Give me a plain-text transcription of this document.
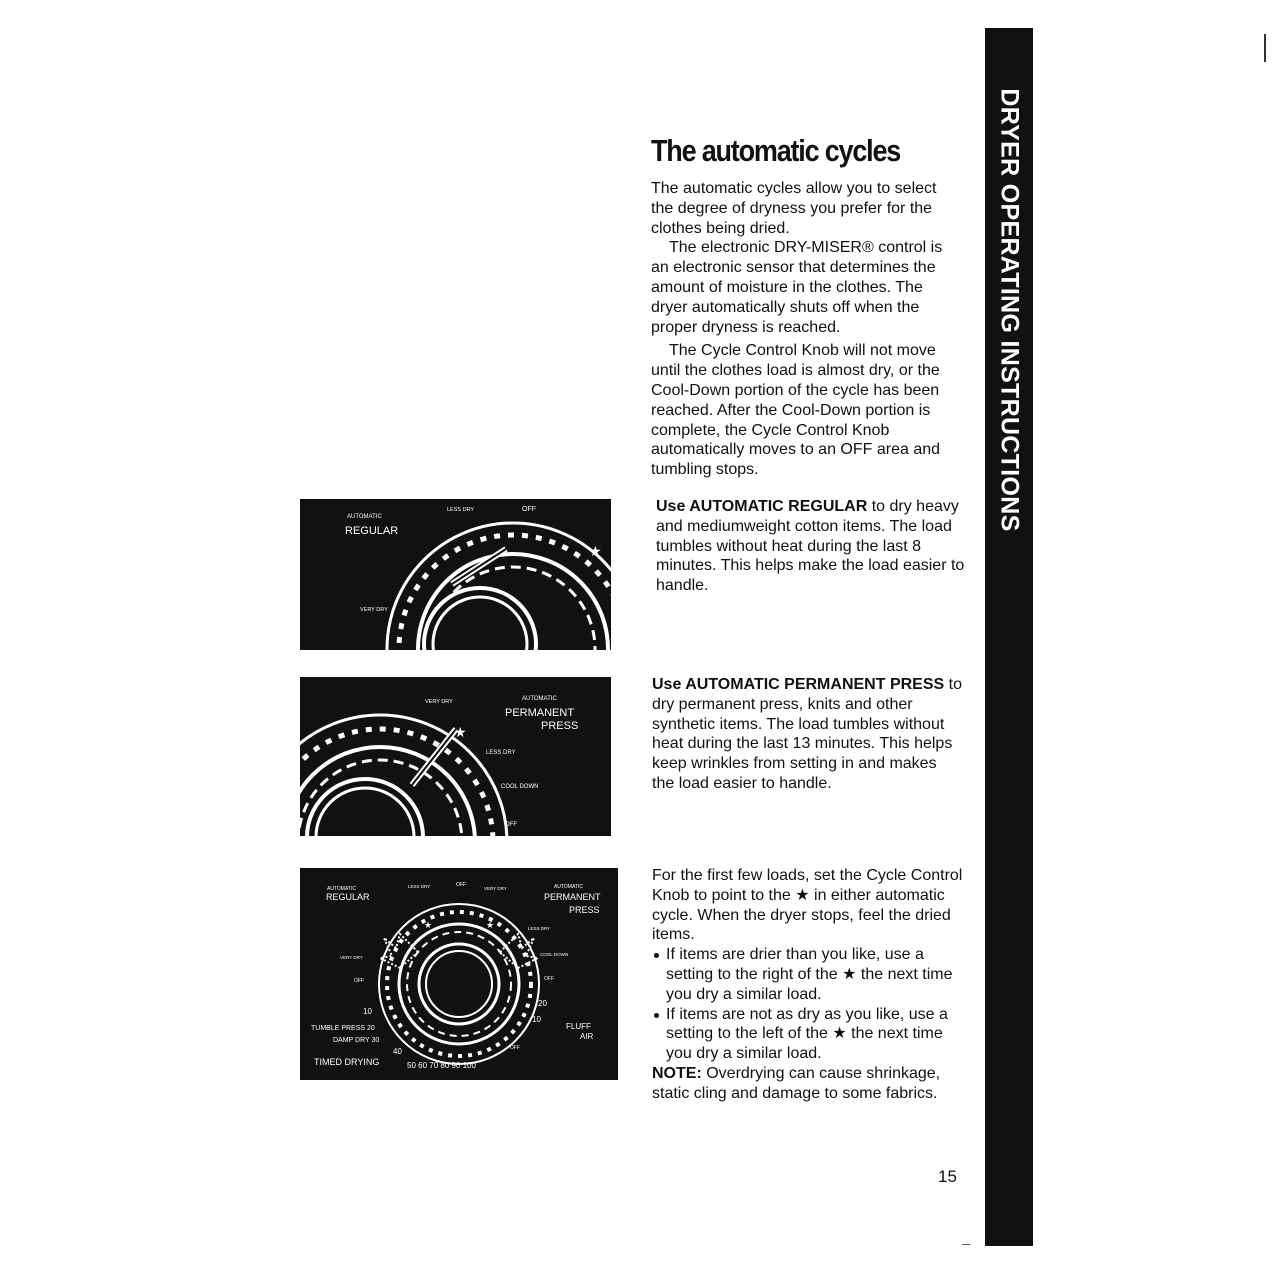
DRYER OPERATING INSTRUCTIONS
The automatic cycles

The automatic cycles allow you to select the degree of dryness you prefer for the clothes being dried.

The electronic DRY-MISER® control is an electronic sensor that determines the amount of moisture in the clothes. The dryer automatically shuts off when the proper dryness is reached.

The Cycle Control Knob will not move until the clothes load is almost dry, or the Cool-Down portion of the cycle has been reached. After the Cool-Down portion is complete, the Cycle Control Knob automatically moves to an OFF area and tumbling stops.

Use AUTOMATIC REGULAR to dry heavy and mediumweight cotton items. The load tumbles without heat during the last 8 minutes. This helps make the load easier to handle.

Use AUTOMATIC PERMANENT PRESS to dry permanent press, knits and other synthetic items. The load tumbles without heat during the last 13 minutes. This helps keep wrinkles from setting in and makes the load easier to handle.

For the first few loads, set the Cycle Control Knob to point to the ★ in either automatic cycle. When the dryer stops, feel the dried items.

If items are drier than you like, use a setting to the right of the ★ the next time you dry a similar load.
If items are not as dry as you like, use a setting to the left of the ★ the next time you dry a similar load.

NOTE: Overdrying can cause shrinkage, static cling and damage to some fabrics.

15
AUTOMATIC
REGULAR
LESS DRY	OFF
VERY DRY
★
VERY DRY	AUTOMATIC
PERMANENT
PRESS
LESS DRY
COOL DOWN
OFF
★
AUTOMATIC
REGULAR
LESS DRY	OFF
VERY DRY	AUTOMATIC
PERMANENT
PRESS
VERY DRY
LESS DRY
OFF
COOL DOWN
OFF
10
TUMBLE PRESS 20
DAMP DRY 30
40
TIMED DRYING	50 60 70 80 90 100
20
10
FLUFF
AIR
OFF
★	★
